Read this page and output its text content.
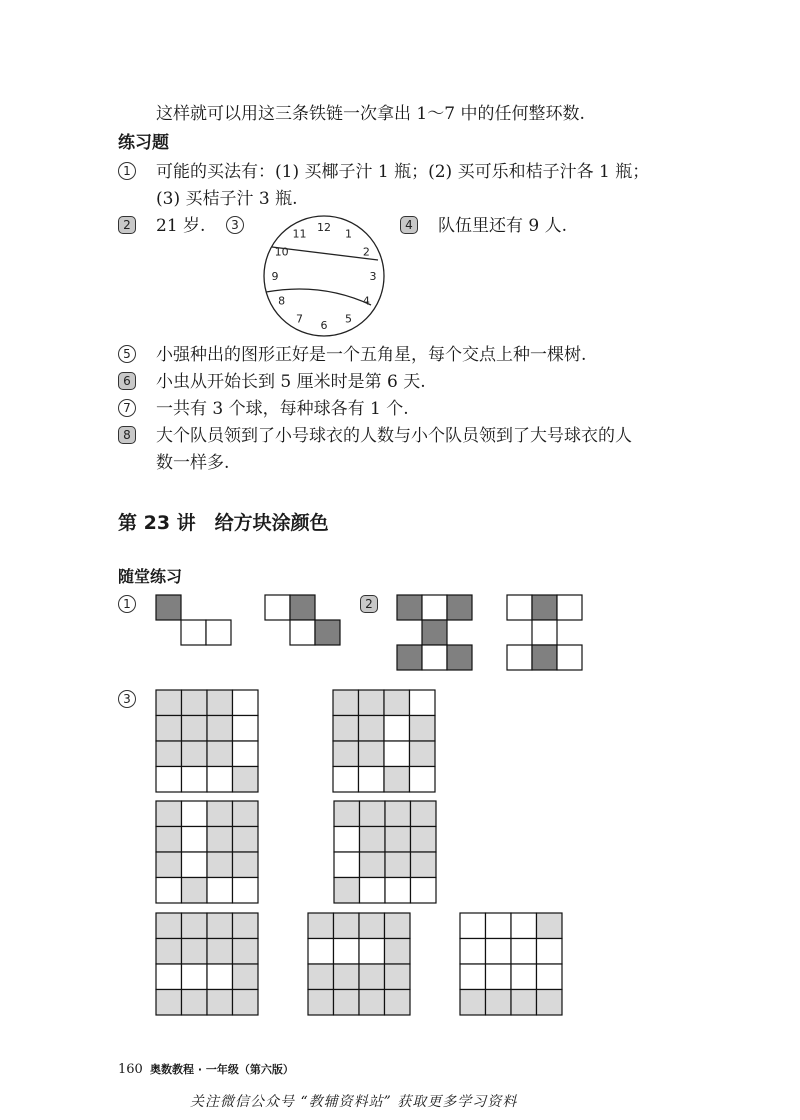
这样就可以用这三条铁链一次拿出 1～7 中的任何整环数.
练习题
1	可能的买法有：(1) 买椰子汁 1 瓶；(2) 买可乐和桔子汁各 1 瓶；
(3) 买桔子汁 3 瓶.
2	21 岁.	3	12
1
2
3
4
5
6
7
8
9
10
11
4	队伍里还有 9 人.
5	小强种出的图形正好是一个五角星，每个交点上种一棵树.
6	小虫从开始长到 5 厘米时是第 6 天.
7	一共有 3 个球，每种球各有 1 个.
8	大个队员领到了小号球衣的人数与小个队员领到了大号球衣的人
数一样多.
第 23 讲　给方块涂颜色
随堂练习
1	2
3
160 奥数教程 · 一年级（第六版）
关注微信公众号 “教辅资料站” 获取更多学习资料
